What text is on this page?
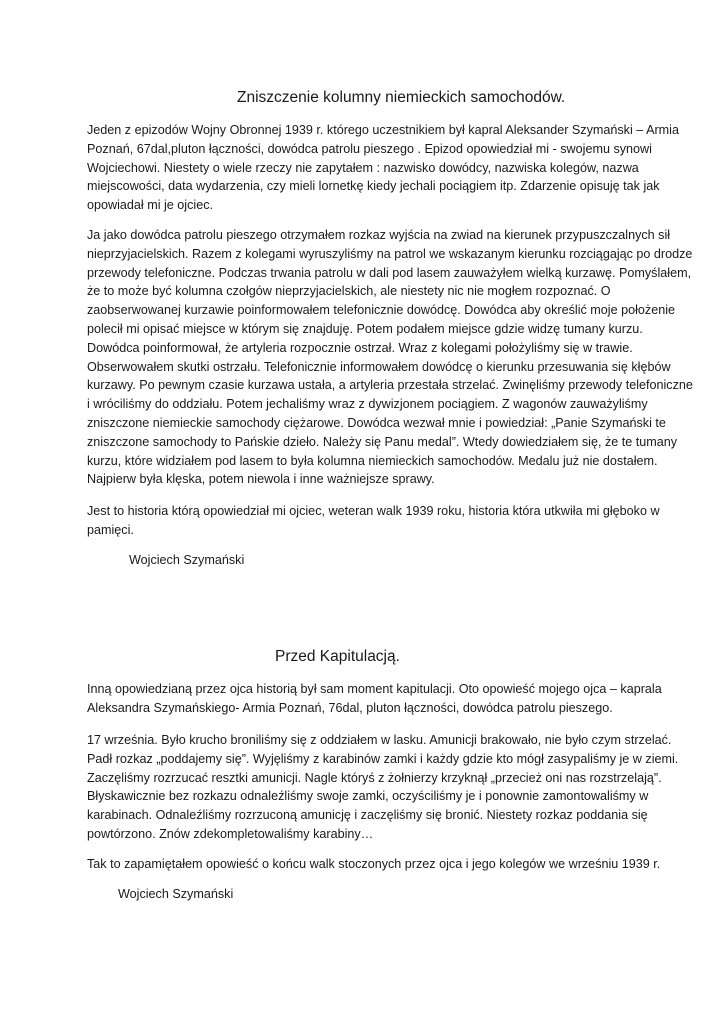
Zniszczenie kolumny niemieckich samochodów.
Jeden z epizodów Wojny Obronnej 1939 r. którego uczestnikiem był kapral Aleksander Szymański – Armia
Poznań, 67dal,pluton łączności, dowódca patrolu pieszego . Epizod opowiedział mi - swojemu synowi
Wojciechowi. Niestety o wiele rzeczy nie zapytałem : nazwisko dowódcy, nazwiska kolegów, nazwa
miejscowości, data wydarzenia, czy mieli lornetkę kiedy jechali pociągiem itp. Zdarzenie opisuję tak jak
opowiadał mi je ojciec.
Ja jako dowódca patrolu pieszego otrzymałem rozkaz wyjścia na zwiad na kierunek przypuszczalnych sił
nieprzyjacielskich. Razem z kolegami wyruszyliśmy na patrol we wskazanym kierunku rozciągając po drodze
przewody telefoniczne. Podczas trwania patrolu w dali pod lasem zauważyłem wielką kurzawę. Pomyślałem,
że to może być kolumna czołgów nieprzyjacielskich, ale niestety nic nie mogłem rozpoznać. O
zaobserwowanej kurzawie poinformowałem telefonicznie dowódcę. Dowódca aby określić moje położenie
polecił mi opisać miejsce w którym się znajduję. Potem podałem miejsce gdzie widzę tumany kurzu.
Dowódca poinformował, że artyleria rozpocznie ostrzał. Wraz z kolegami położyliśmy się w trawie.
Obserwowałem skutki ostrzału. Telefonicznie informowałem dowódcę o kierunku przesuwania się kłębów
kurzawy. Po pewnym czasie kurzawa ustała, a artyleria przestała strzelać. Zwinęliśmy przewody telefoniczne
i wróciliśmy do oddziału. Potem jechaliśmy wraz z dywizjonem pociągiem. Z wagonów zauważyliśmy
zniszczone niemieckie samochody ciężarowe. Dowódca wezwał mnie i powiedział: „Panie Szymański te
zniszczone samochody to Pańskie dzieło. Należy się Panu medal”. Wtedy dowiedziałem się, że te tumany
kurzu, które widziałem pod lasem to była kolumna niemieckich samochodów. Medalu już nie dostałem.
Najpierw była klęska, potem niewola i inne ważniejsze sprawy.
Jest to historia którą opowiedział mi ojciec, weteran walk 1939 roku, historia która utkwiła mi głęboko w
pamięci.

Wojciech Szymański

Przed Kapitulacją.
Inną opowiedzianą przez ojca historią był sam moment kapitulacji. Oto opowieść mojego ojca – kaprala
Aleksandra Szymańskiego- Armia Poznań, 76dal, pluton łączności, dowódca patrolu pieszego.
17 września. Było krucho broniliśmy się z oddziałem w lasku. Amunicji brakowało, nie było czym strzelać.
Padł rozkaz „poddajemy się”. Wyjęliśmy z karabinów zamki i każdy gdzie kto mógł zasypaliśmy je w ziemi.
Zaczęliśmy rozrzucać resztki amunicji. Nagle któryś z żołnierzy krzyknął „przecież oni nas rozstrzelają”.
Błyskawicznie bez rozkazu odnaleźliśmy swoje zamki, oczyściliśmy je i ponownie zamontowaliśmy w
karabinach. Odnaleźliśmy rozrzuconą amunicję i zaczęliśmy się bronić. Niestety rozkaz poddania się
powtórzono. Znów zdekompletowaliśmy karabiny…
Tak to zapamiętałem opowieść o końcu walk stoczonych przez ojca i jego kolegów we wrześniu 1939 r.

Wojciech Szymański
